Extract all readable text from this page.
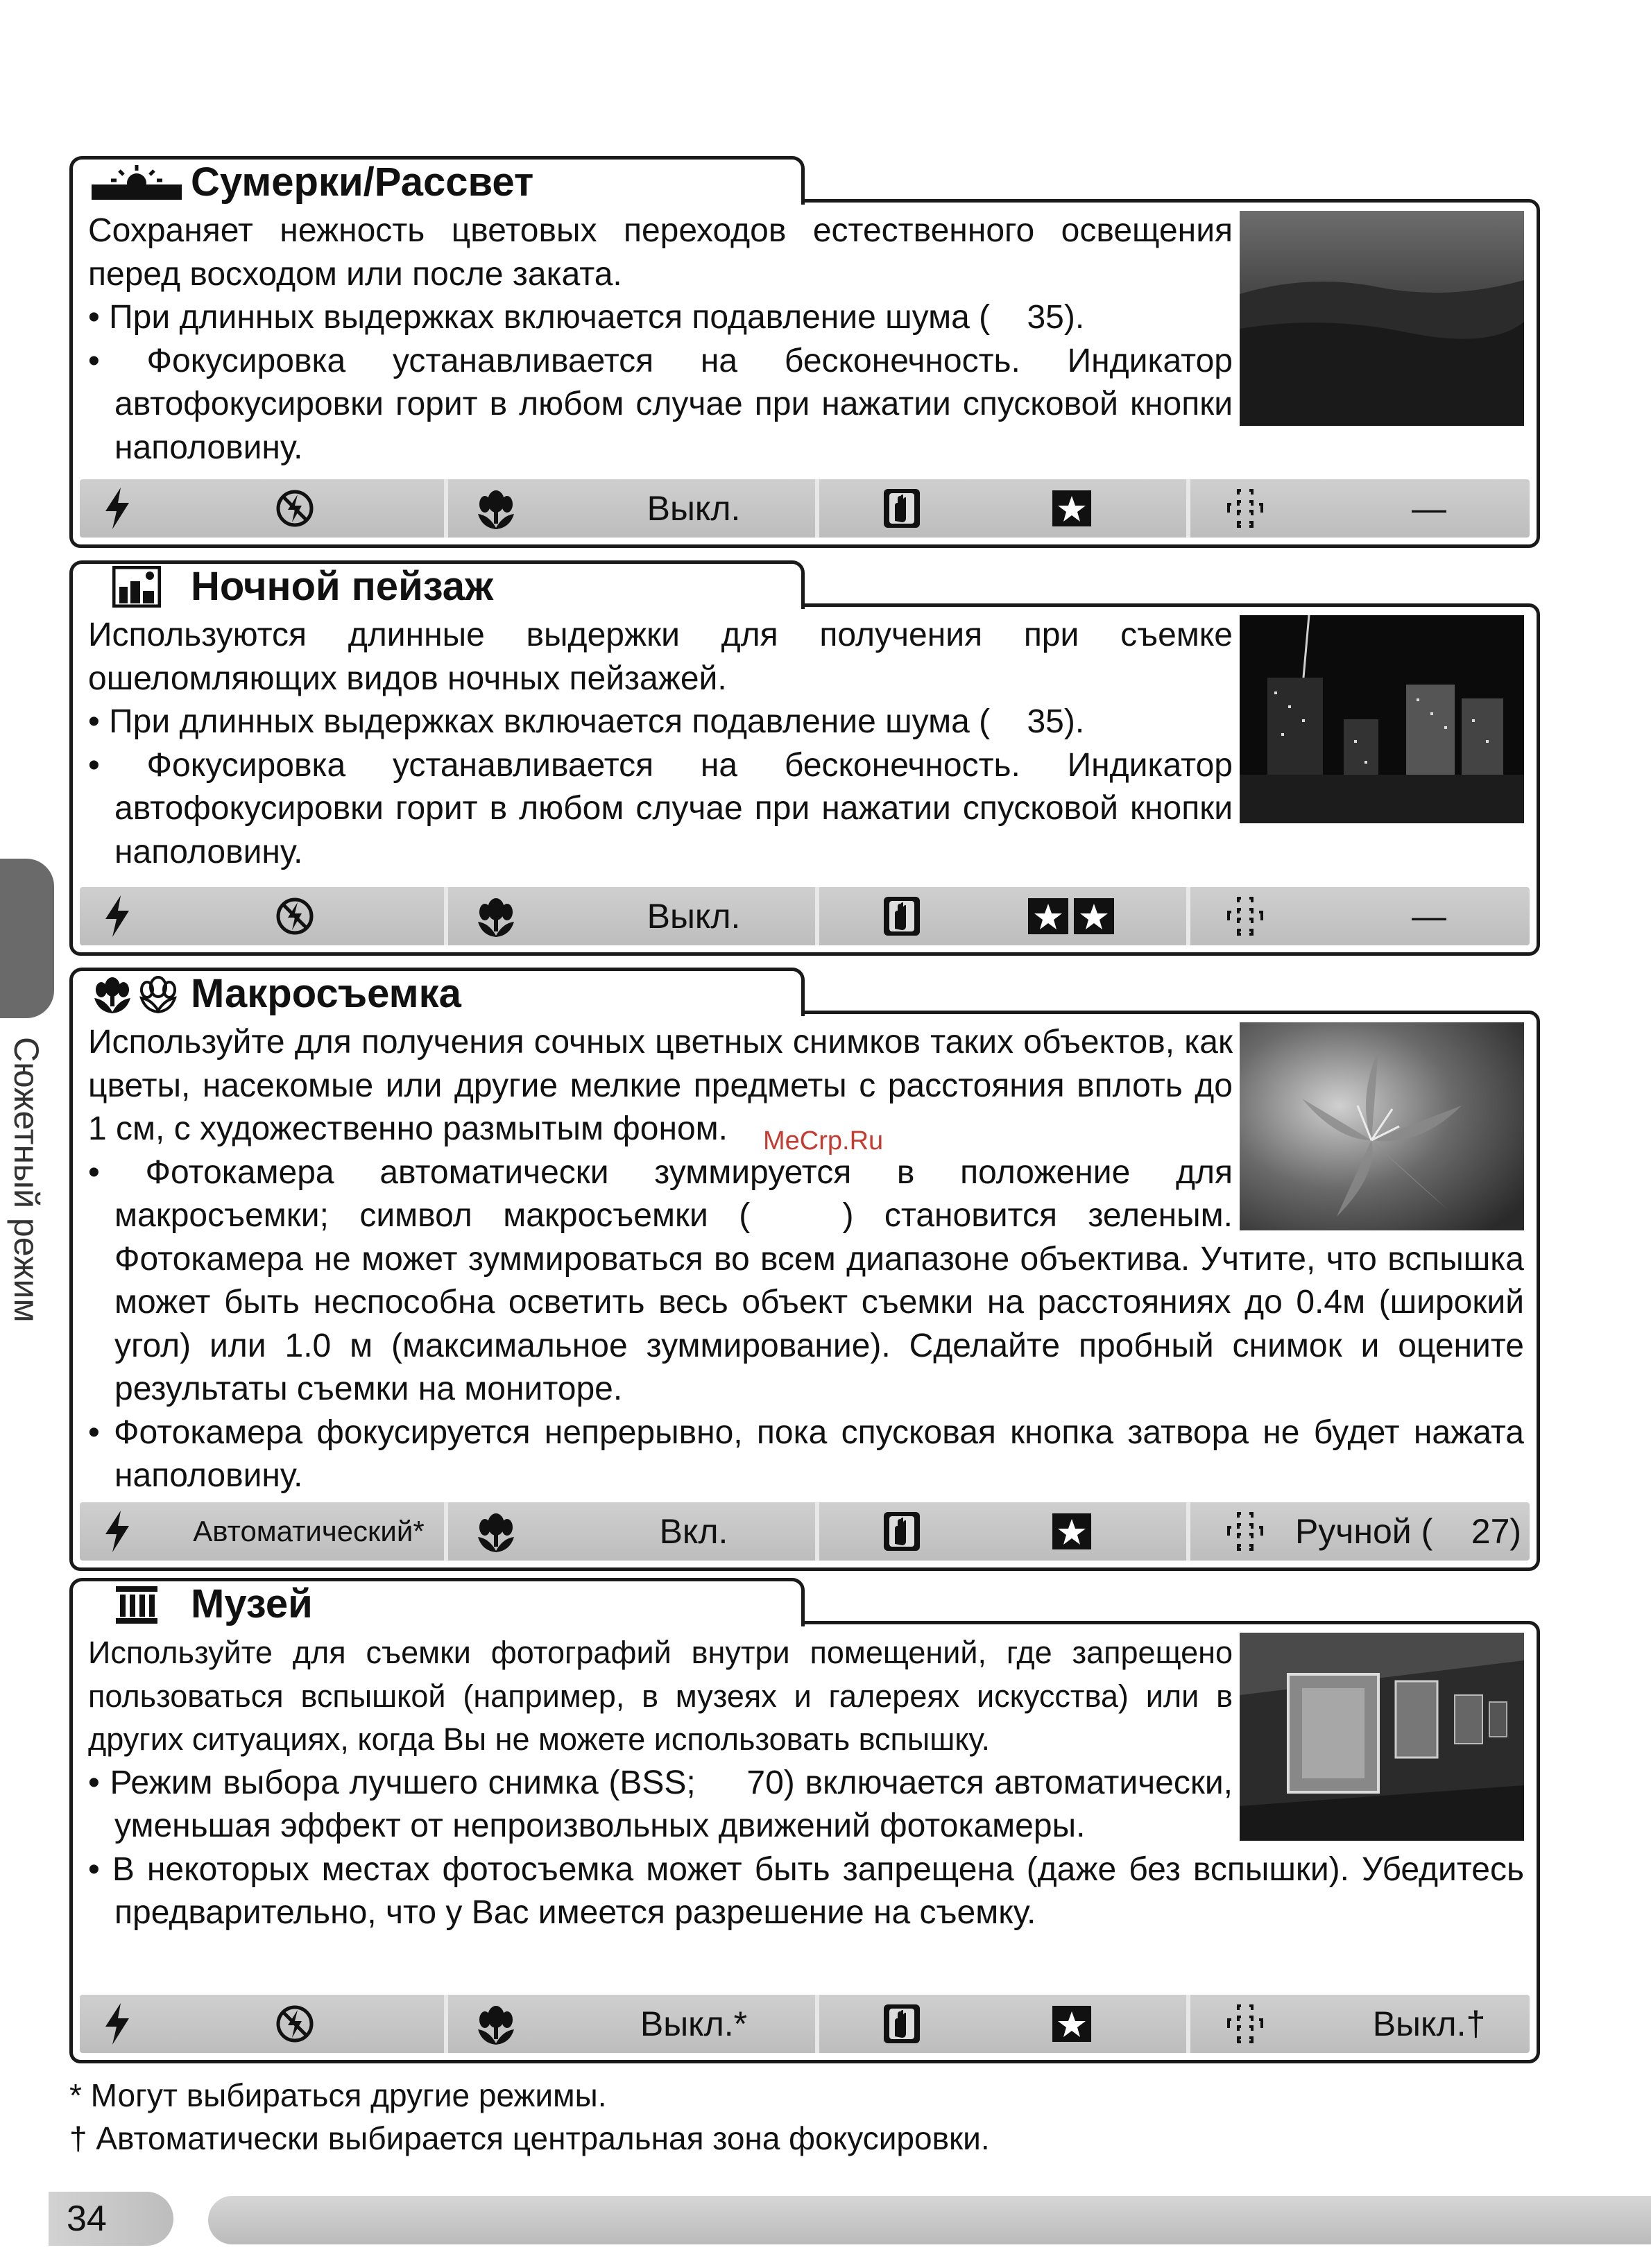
Сумерки/Рассвет

Сохраняет нежность цветовых переходов естественного освещения перед восходом или после заката.

• При длинных выдержках включается подавление шума (    35).

• Фокусировка устанавливается на бесконечность. Индикатор автофокусировки горит в любом случае при нажатии спусковой кнопки наполовину.

Выкл.	—
Ночной пейзаж

Используются длинные выдержки для получения при съемке ошеломляющих видов ночных пейзажей.

• При длинных выдержках включается подавление шума (    35).

• Фокусировка устанавливается на бесконечность. Индикатор автофокусировки горит в любом случае при нажатии спусковой кнопки наполовину.

Выкл.	—
Макросъемка

Используйте для получения сочных цветных снимков таких объектов, как цветы, насекомые или другие мелкие предметы с расстояния вплоть до 1 см, с художественно размытым фоном.

• Фотокамера автоматически зуммируется в положение для макросъемки; символ макросъемки (   ) становится зеленым. Фотокамера не может зуммироваться во всем диапазоне объектива. Учтите, что вспышка может быть неспособна осветить весь объект съемки на расстояниях до 0.4м (широкий угол) или 1.0 м (максимальное зуммирование). Сделайте пробный снимок и оцените результаты съемки на мониторе.

• Фотокамера фокусируется непрерывно, пока спусковая кнопка затвора не будет нажата наполовину.

Автоматический*	Вкл.	Ручной (    27)
Музей

Используйте для съемки фотографий внутри помещений, где запрещено пользоваться вспышкой (например, в музеях и галереях искусства) или в других ситуациях, когда Вы не можете использовать вспышку.

• Режим выбора лучшего снимка (BSS;     70) включается автоматически, уменьшая эффект от непроизвольных движений фотокамеры.

• В некоторых местах фотосъемка может быть запрещена (даже без вспышки). Убедитесь предварительно, что у Вас имеется разрешение на съемку.

Выкл.*	Выкл.†
* Могут выбираться другие режимы.
† Автоматически выбирается центральная зона фокусировки.
Сюжетный режим	MeCrp.Ru
34
